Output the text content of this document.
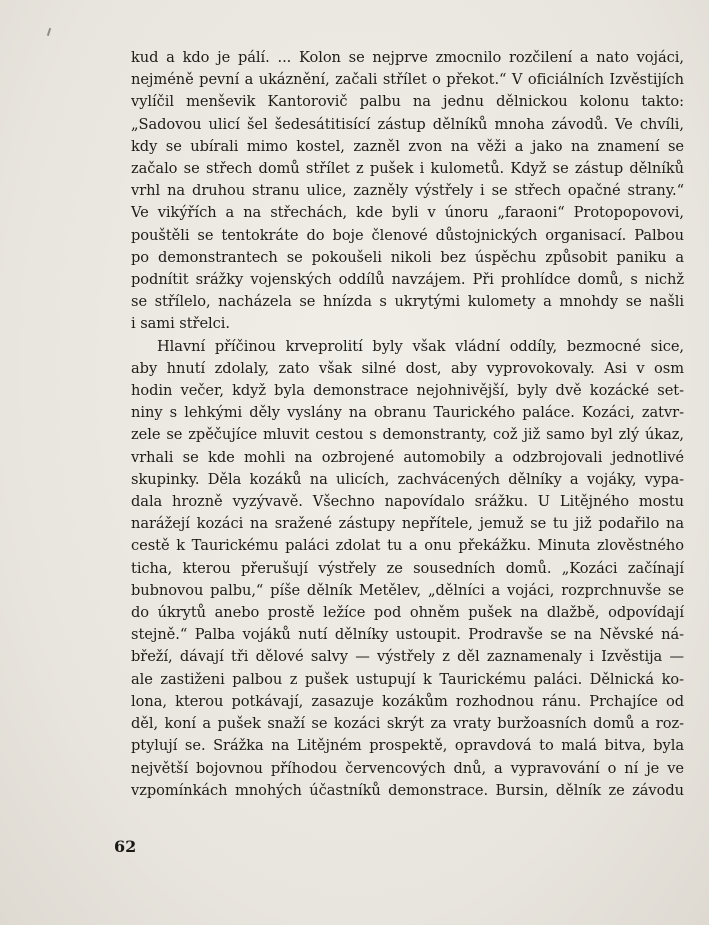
kud a kdo je pálí. ... Kolon se nejprve zmocnilo rozčilení a nato vojáci,
nejméně pevní a ukáznění, začali střílet o překot.“ V oficiálních Izvěstijích
vylíčil menševik Kantorovič palbu na jednu dělnickou kolonu takto:
„Sadovou ulicí šel šedesátitisící zástup dělníků mnoha závodů. Ve chvíli,
kdy se ubírali mimo kostel, zazněl zvon na věži a jako na znamení se
začalo se střech domů střílet z pušek i kulometů. Když se zástup dělníků
vrhl na druhou stranu ulice, zazněly výstřely i se střech opačné strany.“
Ve vikýřích a na střechách, kde byli v únoru „faraoni“ Protopopovovi,
pouštěli se tentokráte do boje členové důstojnických organisací. Palbou
po demonstrantech se pokoušeli nikoli bez úspěchu způsobit paniku a
podnítit srážky vojenských oddílů navzájem. Při prohlídce domů, s nichž
se střílelo, nacházela se hnízda s ukrytými kulomety a mnohdy se našli
i sami střelci.
Hlavní příčinou krveprolití byly však vládní oddíly, bezmocné sice,
aby hnutí zdolaly, zato však silné dost, aby vyprovokovaly. Asi v osm
hodin večer, když byla demonstrace nejohnivější, byly dvě kozácké set-
niny s lehkými děly vyslány na obranu Taurického paláce. Kozáci, zatvr-
zele se zpěčujíce mluvit cestou s demonstranty, což již samo byl zlý úkaz,
vrhali se kde mohli na ozbrojené automobily a odzbrojovali jednotlivé
skupinky. Děla kozáků na ulicích, zachvácených dělníky a vojáky, vypa-
dala hrozně vyzývavě. Všechno napovídalo srážku. U Litějného mostu
narážejí kozáci na sražené zástupy nepřítele, jemuž se tu již podařilo na
cestě k Taurickému paláci zdolat tu a onu překážku. Minuta zlověstného
ticha, kterou přerušují výstřely ze sousedních domů. „Kozáci začínají
bubnovou palbu,“ píše dělník Metělev, „dělníci a vojáci, rozprchnuvše se
do úkrytů anebo prostě ležíce pod ohněm pušek na dlažbě, odpovídají
stejně.“ Palba vojáků nutí dělníky ustoupit. Prodravše se na Něvské ná-
břeží, dávají tři dělové salvy — výstřely z děl zaznamenaly i Izvěstija —
ale zastiženi palbou z pušek ustupují k Taurickému paláci. Dělnická ko-
lona, kterou potkávají, zasazuje kozákům rozhodnou ránu. Prchajíce od
děl, koní a pušek snaží se kozáci skrýt za vraty buržoasních domů a roz-
ptylují se. Srážka na Litějném prospektě, opravdová to malá bitva, byla
největší bojovnou příhodou červencových dnů, a vypravování o ní je ve
vzpomínkách mnohých účastníků demonstrace. Bursin, dělník ze závodu
62
